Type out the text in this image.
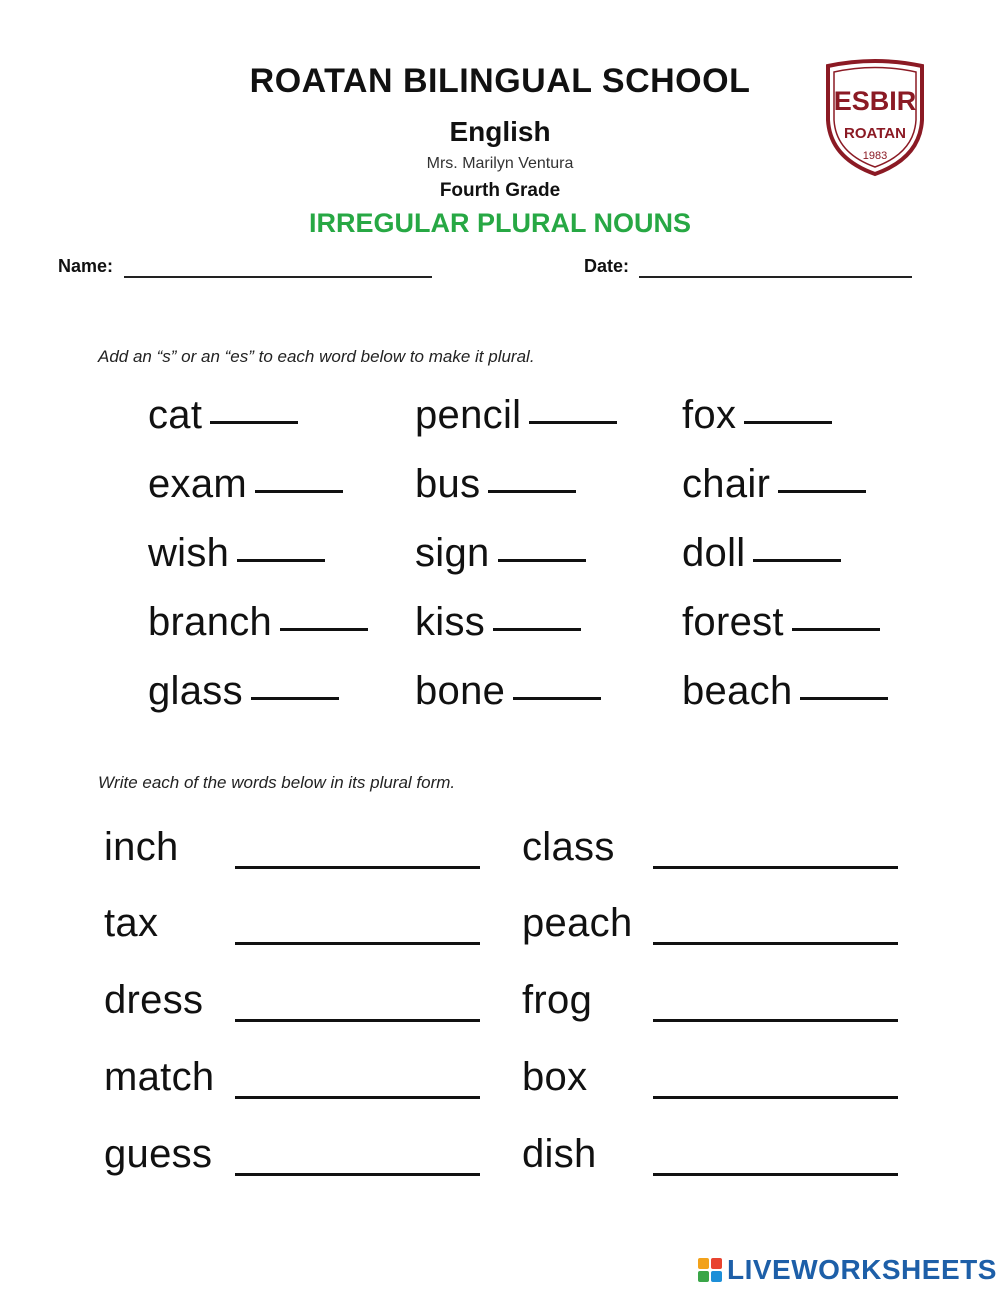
ROATAN BILINGUAL SCHOOL
English
Mrs. Marilyn Ventura
Fourth Grade
IRREGULAR PLURAL NOUNS
ESBIR
ROATAN
1983
Name:	Date:
Add an “s” or an “es” to each word below to make it plural.
cat	pencil	fox
exam	bus	chair
wish	sign	doll
branch	kiss	forest
glass	bone	beach
Write each of the words below in its plural form.
inch	class
tax	peach
dress	frog
match	box
guess	dish
LIVEWORKSHEETS
